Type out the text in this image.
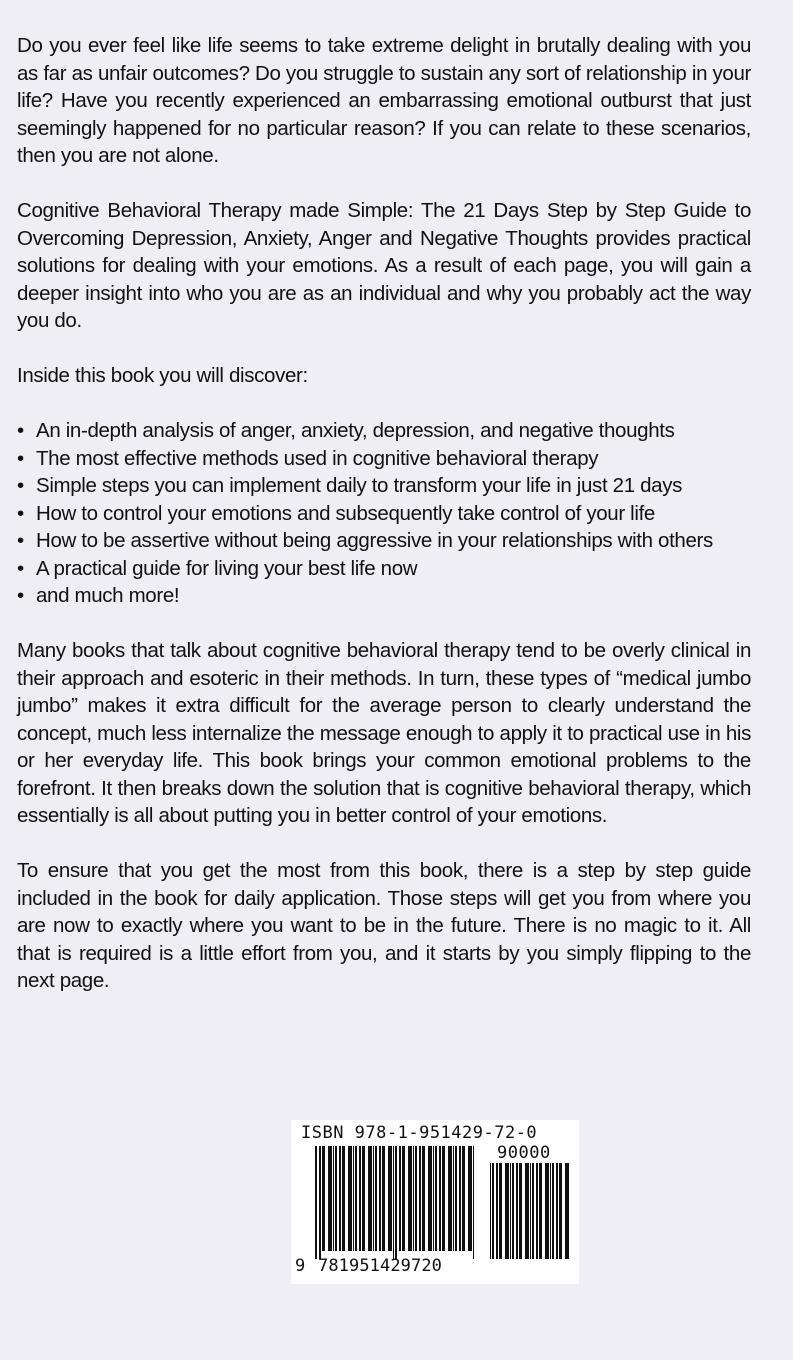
Do you ever feel like life seems to take extreme delight in brutally dealing with you as far as unfair outcomes? Do you struggle to sustain any sort of relationship in your life? Have you recently experienced an embarrassing emotional outburst that just seemingly happened for no particular reason? If you can relate to these scenarios, then you are not alone.

Cognitive Behavioral Therapy made Simple: The 21 Days Step by Step Guide to Overcoming Depression, Anxiety, Anger and Negative Thoughts provides practical solutions for dealing with your emotions. As a result of each page, you will gain a deeper insight into who you are as an individual and why you probably act the way you do.

Inside this book you will discover:

• An in-depth analysis of anger, anxiety, depression, and negative thoughts
• The most effective methods used in cognitive behavioral therapy
• Simple steps you can implement daily to transform your life in just 21 days
• How to control your emotions and subsequently take control of your life
• How to be assertive without being aggressive in your relationships with others
• A practical guide for living your best life now
• and much more!

Many books that talk about cognitive behavioral therapy tend to be overly clinical in their approach and esoteric in their methods. In turn, these types of “medical jumbo jumbo” makes it extra difficult for the average person to clearly understand the concept, much less internalize the message enough to apply it to practical use in his or her everyday life. This book brings your common emotional problems to the forefront. It then breaks down the solution that is cognitive behavioral therapy, which essentially is all about putting you in better control of your emotions.

To ensure that you get the most from this book, there is a step by step guide included in the book for daily application. Those steps will get you from where you are now to exactly where you want to be in the future. There is no magic to it. All that is required is a little effort from you, and it starts by you simply flipping to the next page.

ISBN 978-1-951429-72-0
90000
9 781951429720
